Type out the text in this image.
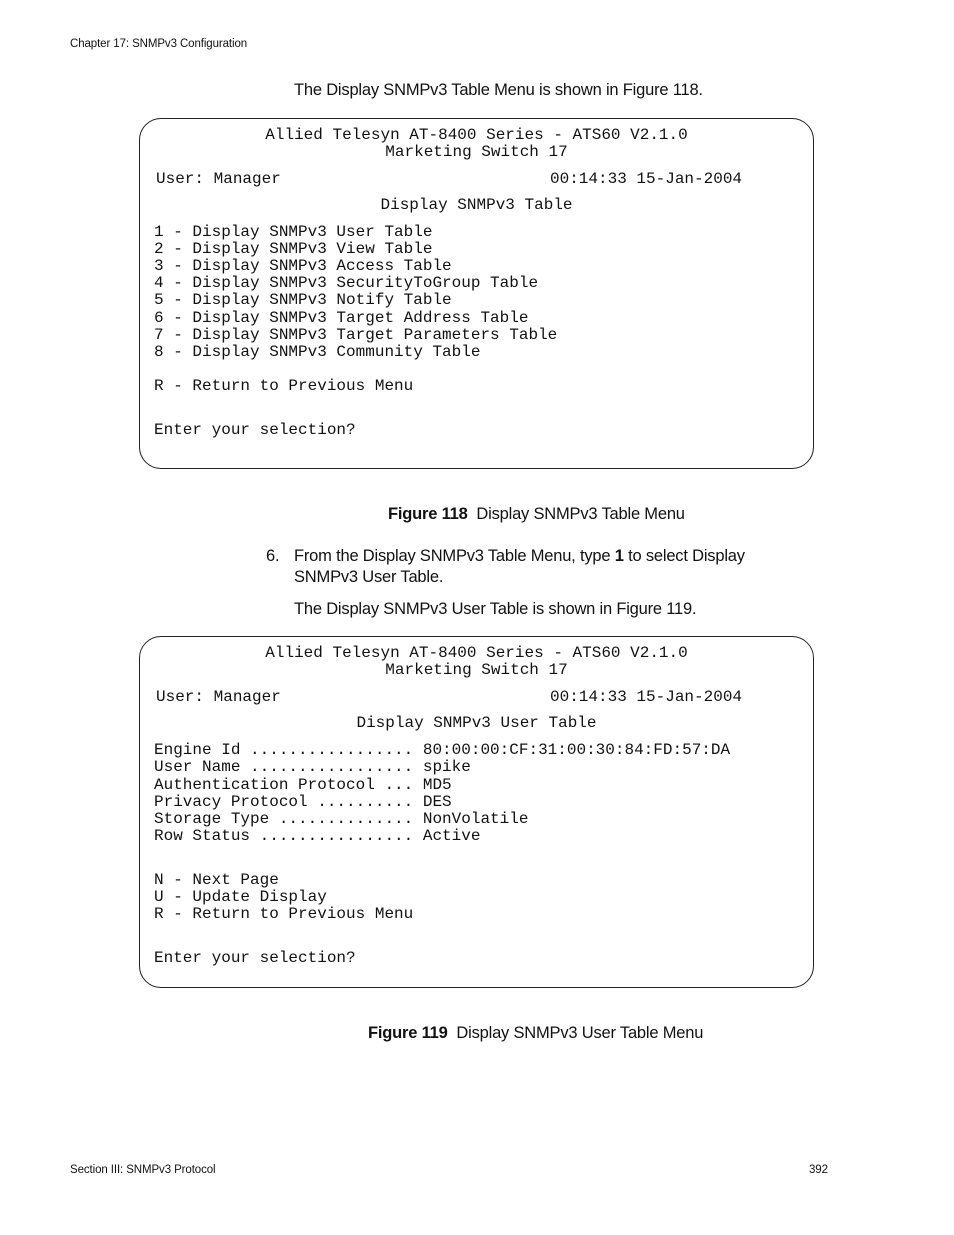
Chapter 17: SNMPv3 Configuration
The Display SNMPv3 Table Menu is shown in Figure 118.
Allied Telesyn AT-8400 Series - ATS60 V2.1.0
Marketing Switch 17
User: Manager	00:14:33 15-Jan-2004
Display SNMPv3 Table
1 - Display SNMPv3 User Table
2 - Display SNMPv3 View Table
3 - Display SNMPv3 Access Table
4 - Display SNMPv3 SecurityToGroup Table
5 - Display SNMPv3 Notify Table
6 - Display SNMPv3 Target Address Table
7 - Display SNMPv3 Target Parameters Table
8 - Display SNMPv3 Community Table
R - Return to Previous Menu
Enter your selection?
Figure 118 Display SNMPv3 Table Menu
6. From the Display SNMPv3 Table Menu, type 1 to select Display
SNMPv3 User Table.
The Display SNMPv3 User Table is shown in Figure 119.
Allied Telesyn AT-8400 Series - ATS60 V2.1.0
Marketing Switch 17
User: Manager	00:14:33 15-Jan-2004
Display SNMPv3 User Table
Engine Id ................. 80:00:00:CF:31:00:30:84:FD:57:DA
User Name ................. spike
Authentication Protocol ... MD5
Privacy Protocol .......... DES
Storage Type .............. NonVolatile
Row Status ................ Active
N - Next Page
U - Update Display
R - Return to Previous Menu
Enter your selection?
Figure 119 Display SNMPv3 User Table Menu
Section III: SNMPv3 Protocol	392
